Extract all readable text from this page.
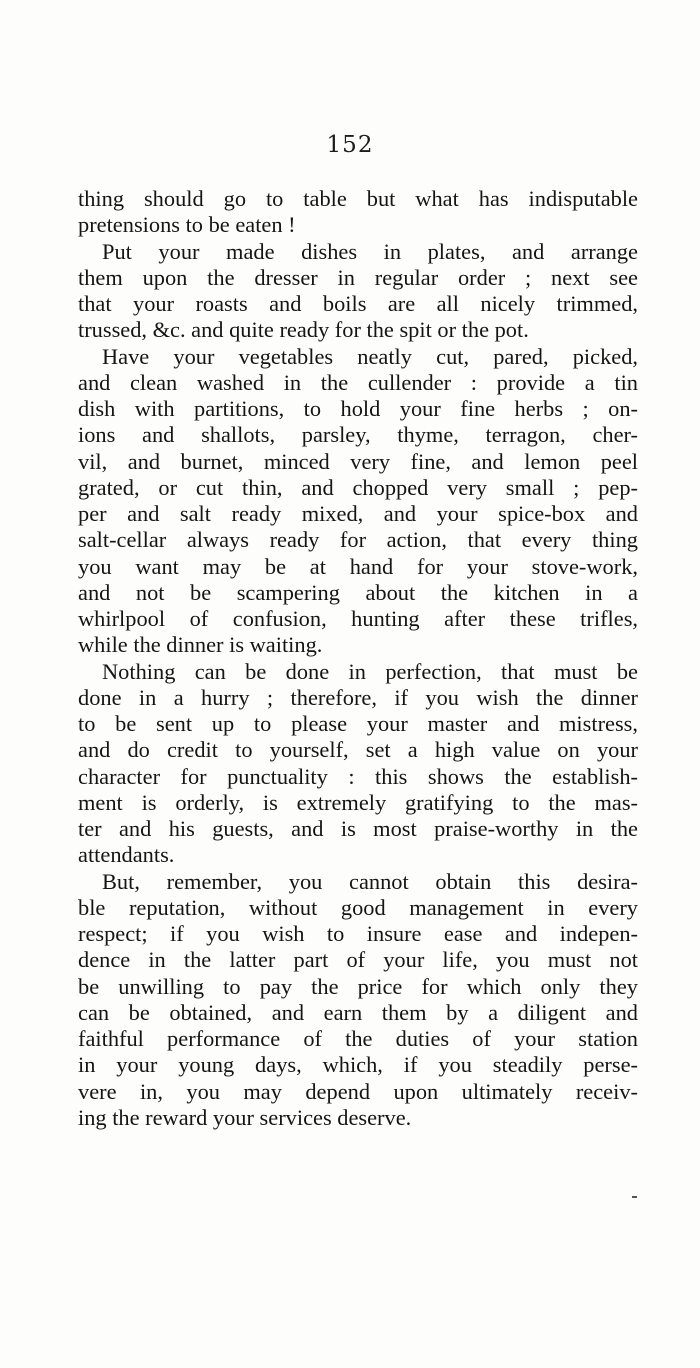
152
thing should go to table but what has indisputable
pretensions to be eaten !
Put your made dishes in plates, and arrange
them upon the dresser in regular order ; next see
that your roasts and boils are all nicely trimmed,
trussed, &c. and quite ready for the spit or the pot.
Have your vegetables neatly cut, pared, picked,
and clean washed in the cullender : provide a tin
dish with partitions, to hold your fine herbs ; on-
ions and shallots, parsley, thyme, terragon, cher-
vil, and burnet, minced very fine, and lemon peel
grated, or cut thin, and chopped very small ; pep-
per and salt ready mixed, and your spice-box and
salt-cellar always ready for action, that every thing
you want may be at hand for your stove-work,
and not be scampering about the kitchen in a
whirlpool of confusion, hunting after these trifles,
while the dinner is waiting.
Nothing can be done in perfection, that must be
done in a hurry ; therefore, if you wish the dinner
to be sent up to please your master and mistress,
and do credit to yourself, set a high value on your
character for punctuality : this shows the establish-
ment is orderly, is extremely gratifying to the mas-
ter and his guests, and is most praise-worthy in the
attendants.
But, remember, you cannot obtain this desira-
ble reputation, without good management in every
respect; if you wish to insure ease and indepen-
dence in the latter part of your life, you must not
be unwilling to pay the price for which only they
can be obtained, and earn them by a diligent and
faithful performance of the duties of your station
in your young days, which, if you steadily perse-
vere in, you may depend upon ultimately receiv-
ing the reward your services deserve.
